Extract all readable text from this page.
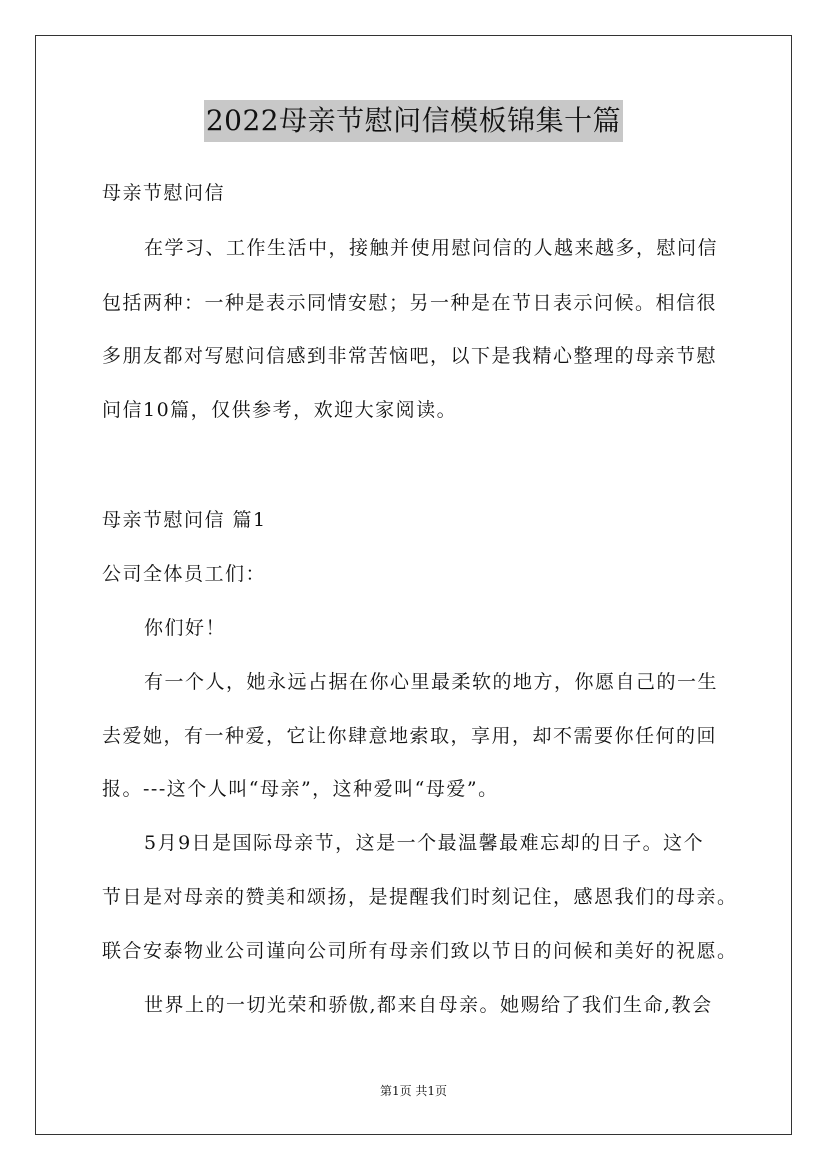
2022母亲节慰问信模板锦集十篇
母亲节慰问信
在学习、工作生活中，接触并使用慰问信的人越来越多，慰问信
包括两种：一种是表示同情安慰；另一种是在节日表示问候。相信很
多朋友都对写慰问信感到非常苦恼吧，以下是我精心整理的母亲节慰
问信10篇，仅供参考，欢迎大家阅读。
母亲节慰问信 篇1
公司全体员工们：
你们好！
有一个人，她永远占据在你心里最柔软的地方，你愿自己的一生
去爱她，有一种爱，它让你肆意地索取，享用，却不需要你任何的回
报。---这个人叫“母亲”，这种爱叫“母爱”。
5月9日是国际母亲节，这是一个最温馨最难忘却的日子。这个
节日是对母亲的赞美和颂扬，是提醒我们时刻记住，感恩我们的母亲。
联合安泰物业公司谨向公司所有母亲们致以节日的问候和美好的祝愿。
世界上的一切光荣和骄傲,都来自母亲。她赐给了我们生命,教会
第1页 共1页
